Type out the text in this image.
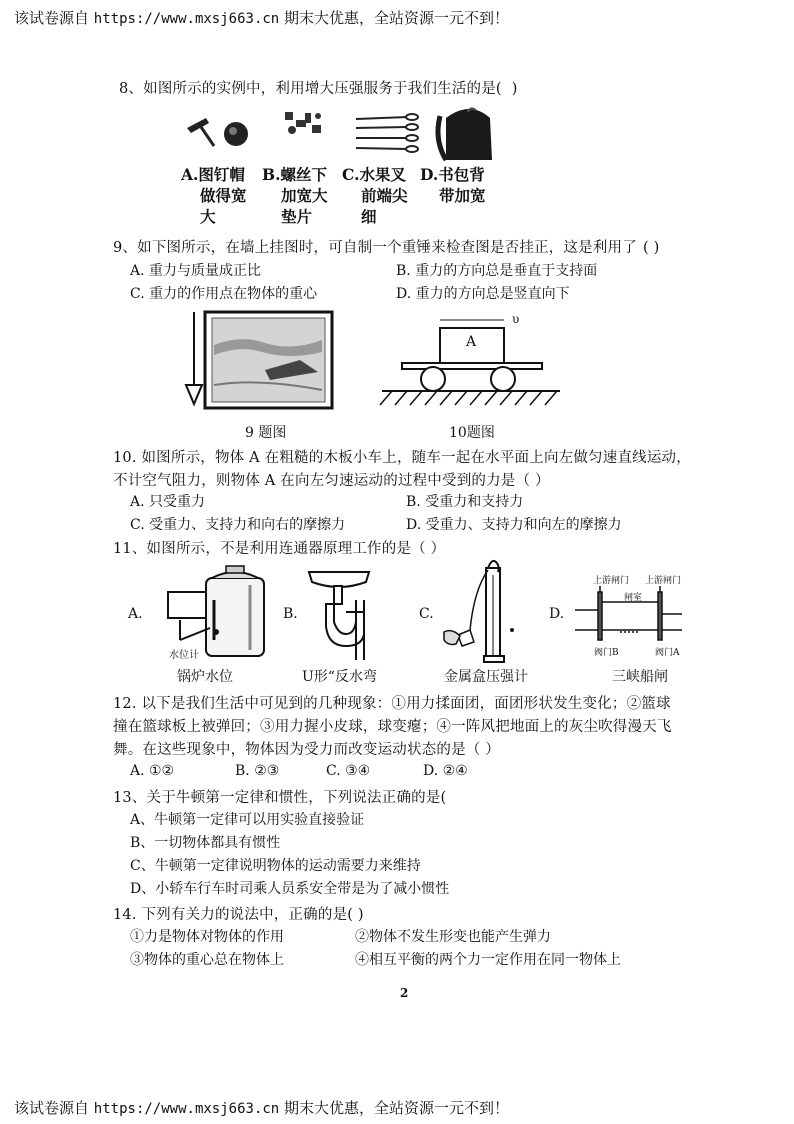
该试卷源自 https://www.mxsj663.cn 期末大优惠，全站资源一元不到！
8、如图所示的实例中，利用增大压强服务于我们生活的是( )
A.图钉帽
做得宽
大
B.螺丝下
加宽大
垫片
C.水果叉
前端尖
细
D.书包背
带加宽
9、如下图所示，在墙上挂图时，可自制一个重锤来检查图是否挂正，这是利用了 ( )
A. 重力与质量成正比	B. 重力的方向总是垂直于支持面
C. 重力的作用点在物体的重心	D. 重力的方向总是竖直向下
9 题图
A
υ
10题图
10. 如图所示，物体 A 在粗糙的木板小车上，随车一起在水平面上向左做匀速直线运动，
不计空气阻力，则物体 A 在向左匀速运动的过程中受到的力是（ ）
A. 只受重力	B. 受重力和支持力
C. 受重力、支持力和向右的摩擦力	D. 受重力、支持力和向左的摩擦力
11、如图所示，不是利用连通器原理工作的是（ ）
A.	B.	C.	D.
上游闸门 上游闸门
闸室
阀门B	阀门A
水位计
锅炉水位	U形“反水弯	金属盒压强计	三峡船闸
12. 以下是我们生活中可见到的几种现象：①用力揉面团，面团形状发生变化；②篮球
撞在篮球板上被弹回；③用力握小皮球，球变瘪；④一阵风把地面上的灰尘吹得漫天飞
舞。在这些现象中，物体因为受力而改变运动状态的是（ ）
A. ①②	B. ②③	C. ③④	D. ②④
13、关于牛顿第一定律和惯性，下列说法正确的是(
A、牛顿第一定律可以用实验直接验证
B、一切物体都具有惯性
C、牛顿第一定律说明物体的运动需要力来维持
D、小轿车行车时司乘人员系安全带是为了减小惯性
14. 下列有关力的说法中，正确的是( )
①力是物体对物体的作用	②物体不发生形变也能产生弹力
③物体的重心总在物体上	④相互平衡的两个力一定作用在同一物体上
2
该试卷源自 https://www.mxsj663.cn 期末大优惠，全站资源一元不到！
